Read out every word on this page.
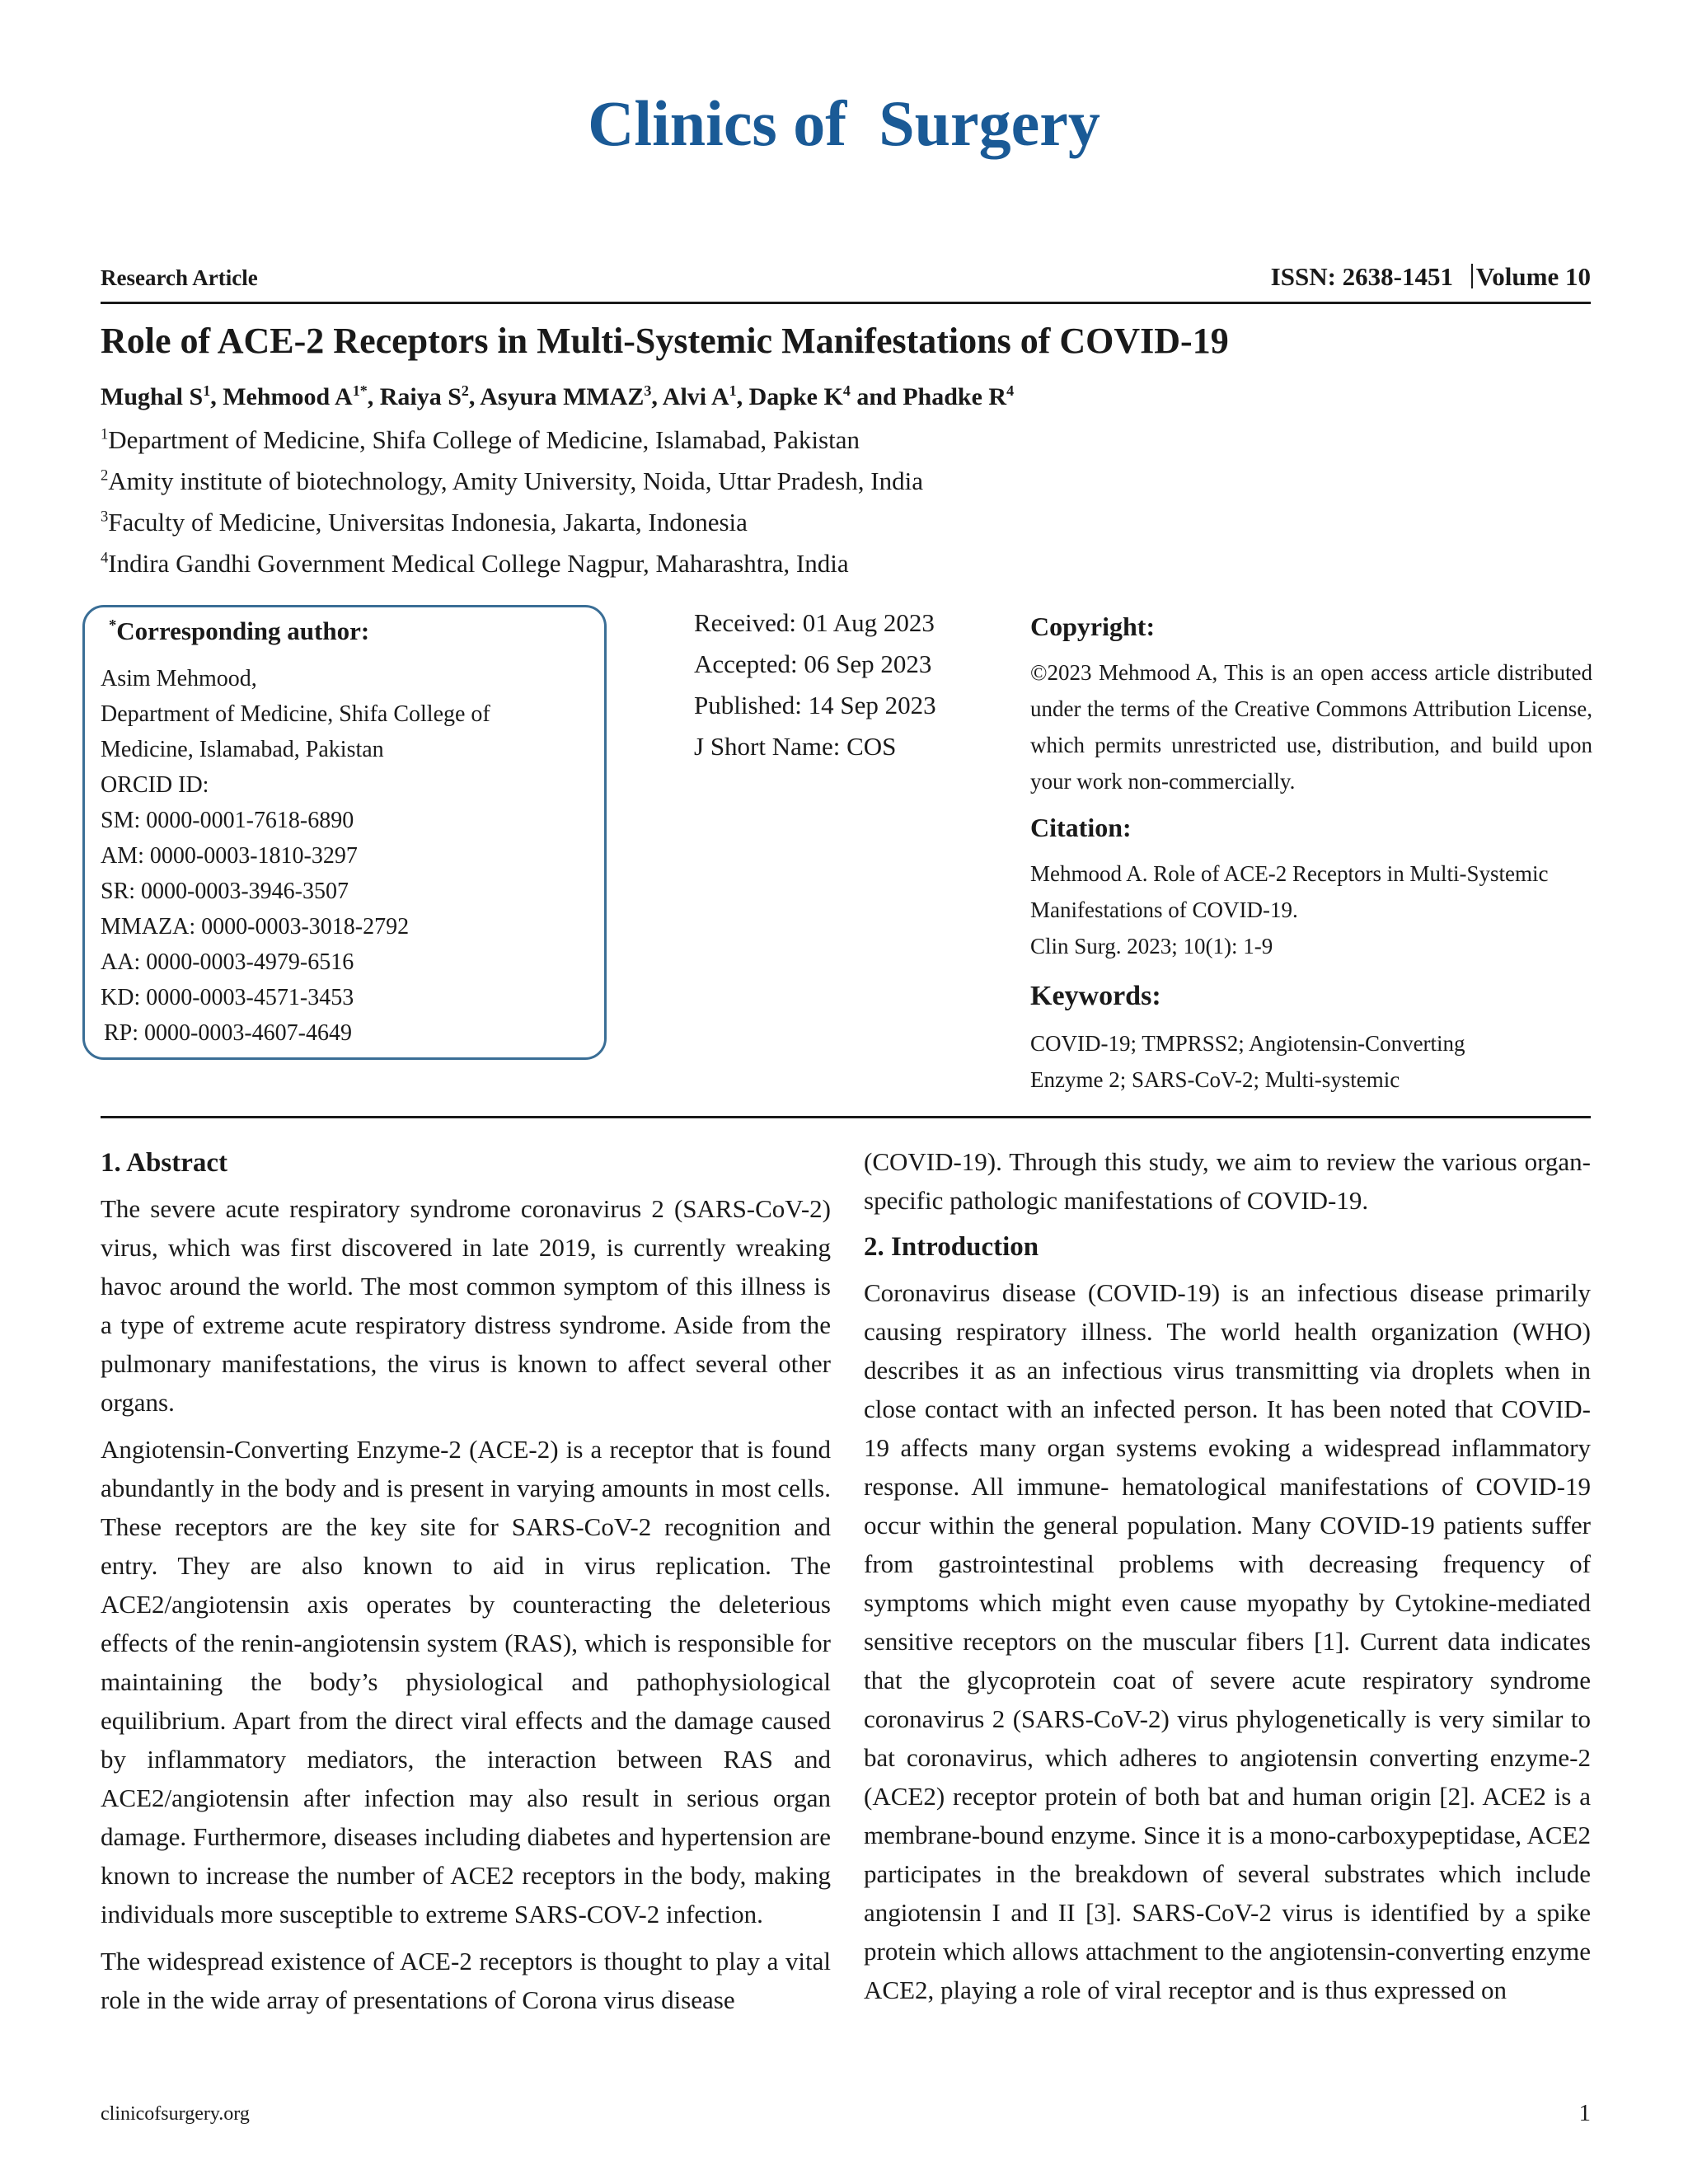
Clinics of  Surgery
Research Article	ISSN: 2638-1451 Volume 10
Role of ACE-2 Receptors in Multi-Systemic Manifestations of COVID-19
Mughal $S^1$, Mehmood $A^{1*}$, Raiya $S^2$, Asyura MMAZ$^3$, Alvi $A^1$, Dapke $K^4$ and Phadke $R^4$
$^1$Department of Medicine, Shifa College of Medicine, Islamabad, Pakistan
$^2$Amity institute of biotechnology, Amity University, Noida, Uttar Pradesh, India
$^3$Faculty of Medicine, Universitas Indonesia, Jakarta, Indonesia
$^4$Indira Gandhi Government Medical College Nagpur, Maharashtra, India
*Corresponding author:
Asim Mehmood,
Department of Medicine, Shifa College of
Medicine, Islamabad, Pakistan
ORCID ID:
SM: 0000-0001-7618-6890
AM: 0000-0003-1810-3297
SR: 0000-0003-3946-3507
MMAZA: 0000-0003-3018-2792
AA: 0000-0003-4979-6516
KD: 0000-0003-4571-3453
RP: 0000-0003-4607-4649
Received: 01 Aug 2023
Accepted: 06 Sep 2023
Published: 14 Sep 2023
J Short Name: COS
Copyright:
©2023 Mehmood A, This is an open access article distributed under the terms of the Creative Commons Attribution License, which permits unrestricted use, distribution, and build upon your work non-commercially.
Citation:
Mehmood A. Role of ACE-2 Receptors in Multi-Systemic Manifestations of COVID-19.
Clin Surg. 2023; 10(1): 1-9
Keywords:
COVID-19; TMPRSS2; Angiotensin-Converting Enzyme 2; SARS-CoV-2; Multi-systemic
1. Abstract

The severe acute respiratory syndrome coronavirus 2 (SARS-CoV-2) virus, which was first discovered in late 2019, is currently wreaking havoc around the world. The most common symptom of this illness is a type of extreme acute respiratory distress syndrome. Aside from the pulmonary manifestations, the virus is known to affect several other organs.

Angiotensin-Converting Enzyme-2 (ACE-2) is a receptor that is found abundantly in the body and is present in varying amounts in most cells. These receptors are the key site for SARS-CoV-2 recognition and entry. They are also known to aid in virus replication. The ACE2/angiotensin axis operates by counteracting the deleterious effects of the renin-angiotensin system (RAS), which is responsible for maintaining the body’s physiological and pathophysiological equilibrium. Apart from the direct viral effects and the damage caused by inflammatory mediators, the interaction between RAS and ACE2/angiotensin after infection may also result in serious organ damage. Furthermore, diseases including diabetes and hypertension are known to increase the number of ACE2 receptors in the body, making individuals more susceptible to extreme SARS-COV-2 infection.

The widespread existence of ACE-2 receptors is thought to play a vital role in the wide array of presentations of Corona virus disease

(COVID-19). Through this study, we aim to review the various organ-specific pathologic manifestations of COVID-19.

2. Introduction

Coronavirus disease (COVID-19) is an infectious disease primarily causing respiratory illness. The world health organization (WHO) describes it as an infectious virus transmitting via droplets when in close contact with an infected person. It has been noted that COVID-19 affects many organ systems evoking a widespread inflammatory response. All immune- hematological manifestations of COVID-19 occur within the general population. Many COVID-19 patients suffer from gastrointestinal problems with decreasing frequency of symptoms which might even cause myopathy by Cytokine-mediated sensitive receptors on the muscular fibers [1]. Current data indicates that the glycoprotein coat of severe acute respiratory syndrome coronavirus 2 (SARS-CoV-2) virus phylogenetically is very similar to bat coronavirus, which adheres to angiotensin converting enzyme-2 (ACE2) receptor protein of both bat and human origin [2]. ACE2 is a membrane-bound enzyme. Since it is a mono-carboxypeptidase, ACE2 participates in the breakdown of several substrates which include angiotensin I and II [3]. SARS-CoV-2 virus is identified by a spike protein which allows attachment to the angiotensin-converting enzyme ACE2, playing a role of viral receptor and is thus expressed on

clinicofsurgery.org	1
